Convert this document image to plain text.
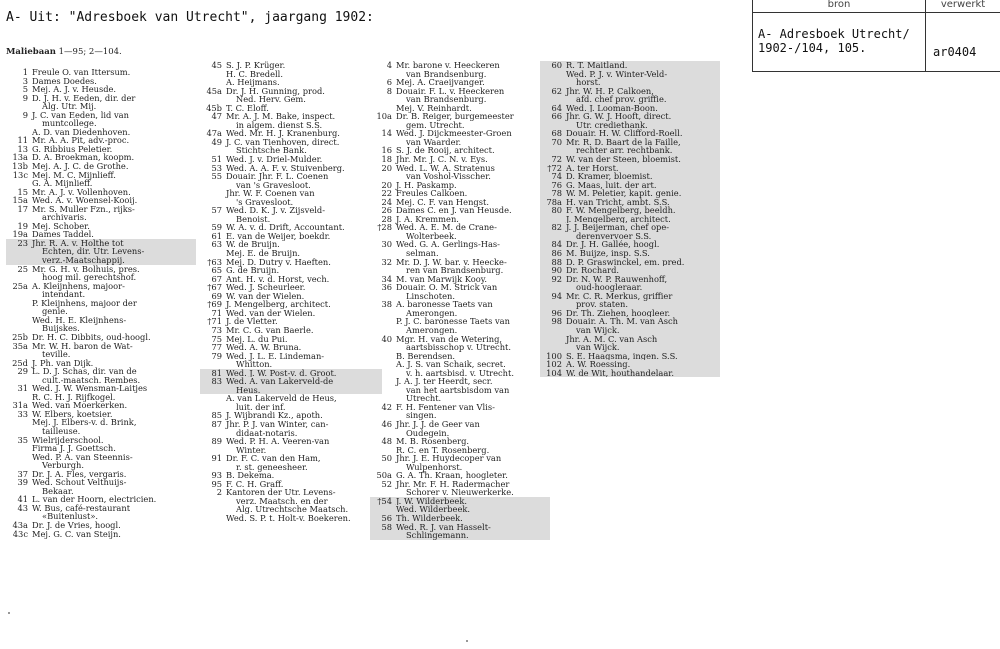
A- Uit: "Adresboek van Utrecht", jaargang 1902:
bron	verwerkt
A- Adresboek Utrecht/
1902-/104, 105.	ar0404
Maliebaan 1—95; 2—104.
1 Freule O. van Ittersum.
3 Dames Doedes.
5 Mej. A. J. v. Heusde.
9 D. J. H. v. Eeden, dir. der
Alg. Utr. Mij.
9 J. C. van Eeden, lid van
muntcollege.
A. D. van Diedenhoven.
11 Mr. A. A. Pit, adv.-proc.
13 G. Ribbius Peletier.
13a D. A. Broekman, koopm.
13b Mej. A. J. C. de Grothe.
13c Mej. M. C. Mijnlieff.
G. A. Mijnlieff.
15 Mr. A. J. v. Vollenhoven.
15a Wed. A. v. Woensel-Kooij.
17 Mr. S. Muller Fzn., rijks-
archivaris.
19 Mej. Schober.
19a Dames Taddel.
23 Jhr. R. A. v. Holthe tot
Echten, dir. Utr. Levens-
verz.-Maatschappij.
25 Mr. G. H. v. Bolhuis, pres.
hoog mil. gerechtshof.
25a A. Kleijnhens, majoor-
intendant.
P. Kleijnhens, majoor der
genie.
Wed. H. E. Kleijnhens-
Buijskes.
25b Dr. H. C. Dibbits, oud-hoogl.
35a Mr. W. H. baron de Wat-
teville.
25d J. Ph. van Dijk.
29 L. D. J. Schas, dir. van de
cult.-maatsch. Rembes.
31 Wed. J. W. Wensman-Laitjes
R. C. H. J. Rijfkogel.
31a Wed. van Moerkerken.
33 W. Elbers, koetsier.
Mej. J. Elbers-v. d. Brink,
tailleuse.
35 Wielrijderschool.
Firma J. J. Goettsch.
Wed. P. A. van Steennis-
Verburgh.
37 Dr. J. A. Fles, vergaris.
39 Wed. Schout Velthuijs-
Bekaar.
41 L. van der Hoorn, electricien.
43 W. Bus, café-restaurant
«Buitenlust».
43a Dr. J. de Vries, hoogl.
43c Mej. G. C. van Steijn.
45 S. J. P. Krüger.
H. C. Bredell.
A. Heijmans.
45a Dr. J. H. Gunning, prod.
Ned. Herv. Gem.
45b T. C. Eloff.
47 Mr. A. J. M. Bake, inspect.
in algem. dienst S.S.
47a Wed. Mr. H. J. Kranenburg.
49 J. C. van Tienhoven, direct.
Stichtsche Bank.
51 Wed. J. v. Driel-Mulder.
53 Wed. A. A. F. v. Stuivenberg.
55 Douair. Jhr. F. L. Coenen
van 's Gravesloot.
Jhr. W. F. Coenen van
's Gravesloot.
57 Wed. D. K. J. v. Zijsveld-
Benoist.
59 W. A. v. d. Drift, Accountant.
61 E. van de Weijer, boekdr.
63 W. de Bruijn.
Mej. E. de Bruijn.
†63 Mej. D. Dutry v. Haeften.
65 G. de Bruijn.
67 Ant. H. v. d. Horst, vech.
†67 Wed. J. Scheurleer.
69 W. van der Wielen.
†69 J. Mengelberg, architect.
71 Wed. van der Wielen.
†71 J. de Vletter.
73 Mr. C. G. van Baerle.
75 Mej. L. du Pui.
77 Wed. A. W. Bruna.
79 Wed. J. L. E. Lindeman-
Whitton.
81 Wed. J. W. Post-v. d. Groot.
83 Wed. A. van Lakerveld-de
Heus.
A. van Lakerveld de Heus,
luit. der inf.
85 J. Wijbrandi Kz., apoth.
87 Jhr. P. J. van Winter, can-
didaat-notaris.
89 Wed. P. H. A. Veeren-van
Winter.
91 Dr. F. C. van den Ham,
r. st. geneesheer.
93 B. Dekema.
95 F. C. H. Graff.
2 Kantoren der Utr. Levens-
verz. Maatsch. en der
Alg. Utrechtsche Maatsch.
Wed. S. P. t. Holt-v. Boekeren.
4 Mr. barone v. Heeckeren
van Brandsenburg.
6 Mej. A. Craeijvanger.
8 Douair. F. L. v. Heeckeren
van Brandsenburg.
Mej. V. Reinhardt.
10a Dr. B. Reiger, burgemeester
gem. Utrecht.
14 Wed. J. Dijckmeester-Groen
van Waarder.
16 S. J. de Rooij, architect.
18 Jhr. Mr. J. C. N. v. Eys.
20 Wed. L. W. A. Stratenus
van Voshol-Visscher.
20 J. H. Paskamp.
22 Freules Calkoen.
24 Mej. C. F. van Hengst.
26 Dames C. en J. van Heusde.
28 J. A. Kremmen.
†28 Wed. A. E. M. de Crane-
Wolterbeek.
30 Wed. G. A. Gerlings-Has-
selman.
32 Mr. D. J. W. bar. v. Heecke-
ren van Brandsenburg.
34 M. van Marwijk Kooy.
36 Douair. O. M. Strick van
Linschoten.
38 A. baronesse Taets van
Amerongen.
P. J. C. baronesse Taets van
Amerongen.
40 Mgr. H. van de Wetering,
aartsbisschop v. Utrecht.
B. Berendsen.
A. J. S. van Schaik, secret.
v. h. aartsbisd. v. Utrecht.
J. A. J. ter Heerdt, secr.
van het aartsbisdom van
Utrecht.
42 F. H. Fentener van Vlis-
singen.
46 Jhr. J. J. de Geer van
Oudegein.
48 M. B. Rosenberg.
R. C. en T. Rosenberg.
50 Jhr. J. E. Huydecoper van
Wulpenhorst.
50a G. A. Th. Kraan, hoogleter.
52 Jhr. Mr. F. H. Radermacher
Schorer v. Nieuwerkerke.
†54 J. W. Wilderbeek.
Wed. Wilderbeek.
56 Th. Wilderbeek.
58 Wed. R. J. van Hasselt-
Schlingemann.
60 R. T. Maitland.
Wed. P. J. v. Winter-Veld-
horst.
62 Jhr. W. H. P. Calkoen,
afd. chef prov. griffie.
64 Wed. J. Looman-Boon.
66 Jhr. G. W. J. Hooft, direct.
Utr. crediethank.
68 Douair. H. W. Clifford-Roell.
70 Mr. R. D. Baart de la Faille,
rechter arr. rechtbank.
72 W. van der Steen, bloemist.
†72 A. ter Horst.
74 D. Kramer, bloemist.
76 G. Maas, luit. der art.
78 W. M. Peletier, kapit. genie.
78a H. van Tricht, ambt. S.S.
80 F. W. Mengelberg, beeldh.
J. Mengelberg, architect.
82 J. J. Beijerman, chef ope-
derenvervoer S.S.
84 Dr. J. H. Gallée, hoogl.
86 M. Buijze, insp. S.S.
88 D. P. Graswinckel, em. pred.
90 Dr. Rochard.
92 Dr. N. W. P. Rauwenhoff,
oud-hoogleraar.
94 Mr. C. R. Merkus, griffier
prov. staten.
96 Dr. Th. Ziehen, hoogleer.
98 Douair. A. Th. M. van Asch
van Wijck.
Jhr. A. M. C. van Asch
van Wijck.
100 S. E. Haagsma, ingen. S.S.
102 A. W. Roessing.
104 W. de Wit, houthandelaar.
